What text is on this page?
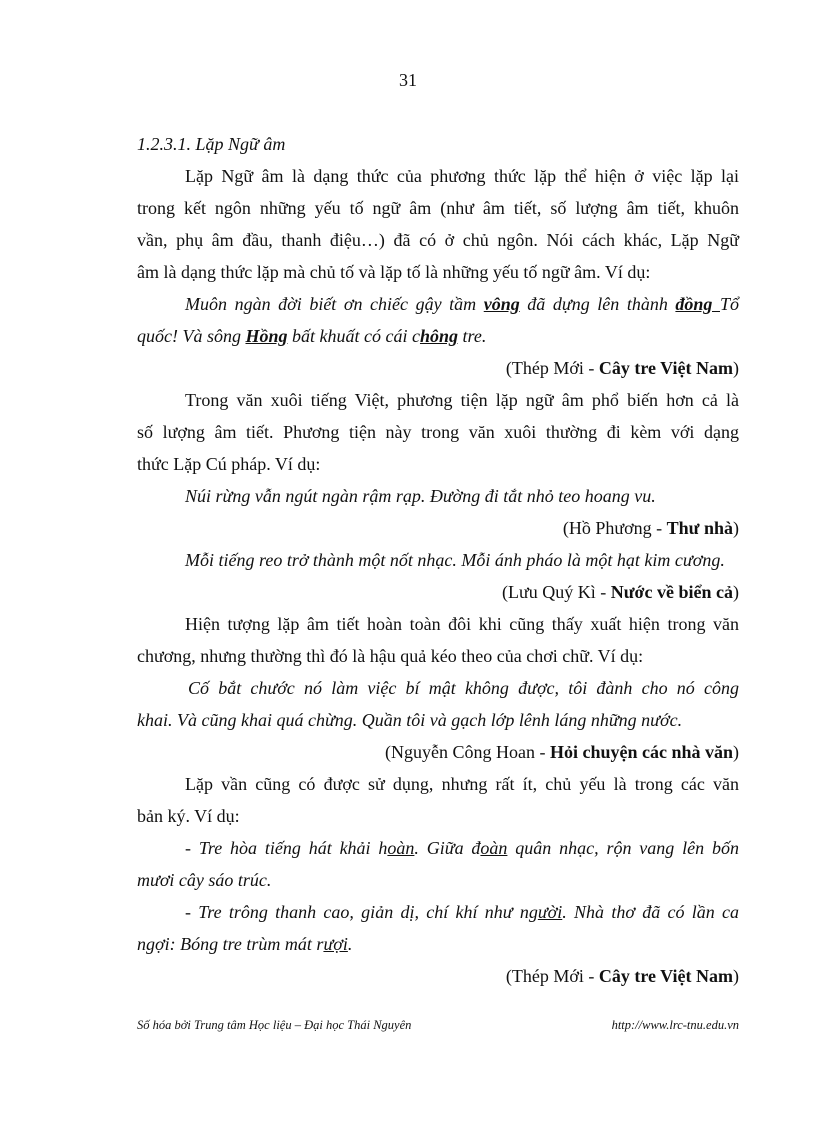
31
1.2.3.1. Lặp Ngữ âm
Lặp Ngữ âm là dạng thức của phương thức lặp thể hiện ở việc lặp lại
trong kết ngôn những yếu tố ngữ âm (như âm tiết, số lượng âm tiết, khuôn
vần, phụ âm đầu, thanh điệu…) đã có ở chủ ngôn. Nói cách khác, Lặp Ngữ
âm là dạng thức lặp mà chủ tố và lặp tố là những yếu tố ngữ âm. Ví dụ:
Muôn ngàn đời biết ơn chiếc gậy tầm vông đã dựng lên thành đồng Tổ
quốc! Và sông Hồng bất khuất có cái chông tre.
(Thép Mới - Cây tre Việt Nam)
Trong văn xuôi tiếng Việt, phương tiện lặp ngữ âm phổ biến hơn cả là
số lượng âm tiết. Phương tiện này trong văn xuôi thường đi kèm với dạng
thức Lặp Cú pháp. Ví dụ:
Núi rừng vẫn ngút ngàn rậm rạp. Đường đi tắt nhỏ teo hoang vu.
(Hồ Phương - Thư nhà)
Mỗi tiếng reo trở thành một nốt nhạc. Mỗi ánh pháo là một hạt kim cương.
(Lưu Quý Kì - Nước về biển cả)
Hiện tượng lặp âm tiết hoàn toàn đôi khi cũng thấy xuất hiện trong văn
chương, nhưng thường thì đó là hậu quả kéo theo của chơi chữ. Ví dụ:
Cố bắt chước nó làm việc bí mật không được, tôi đành cho nó công
khai. Và cũng khai quá chừng. Quần tôi và gạch lớp lênh láng những nước.
(Nguyễn Công Hoan - Hỏi chuyện các nhà văn)
Lặp vần cũng có được sử dụng, nhưng rất ít, chủ yếu là trong các văn
bản ký. Ví dụ:
- Tre hòa tiếng hát khải hoàn. Giữa đoàn quân nhạc, rộn vang lên bốn
mươi cây sáo trúc.
- Tre trông thanh cao, giản dị, chí khí như người. Nhà thơ đã có lần ca
ngợi: Bóng tre trùm mát rượi.
(Thép Mới - Cây tre Việt Nam)
Số hóa bởi Trung tâm Học liệu – Đại học Thái Nguyên	http://www.lrc-tnu.edu.vn
